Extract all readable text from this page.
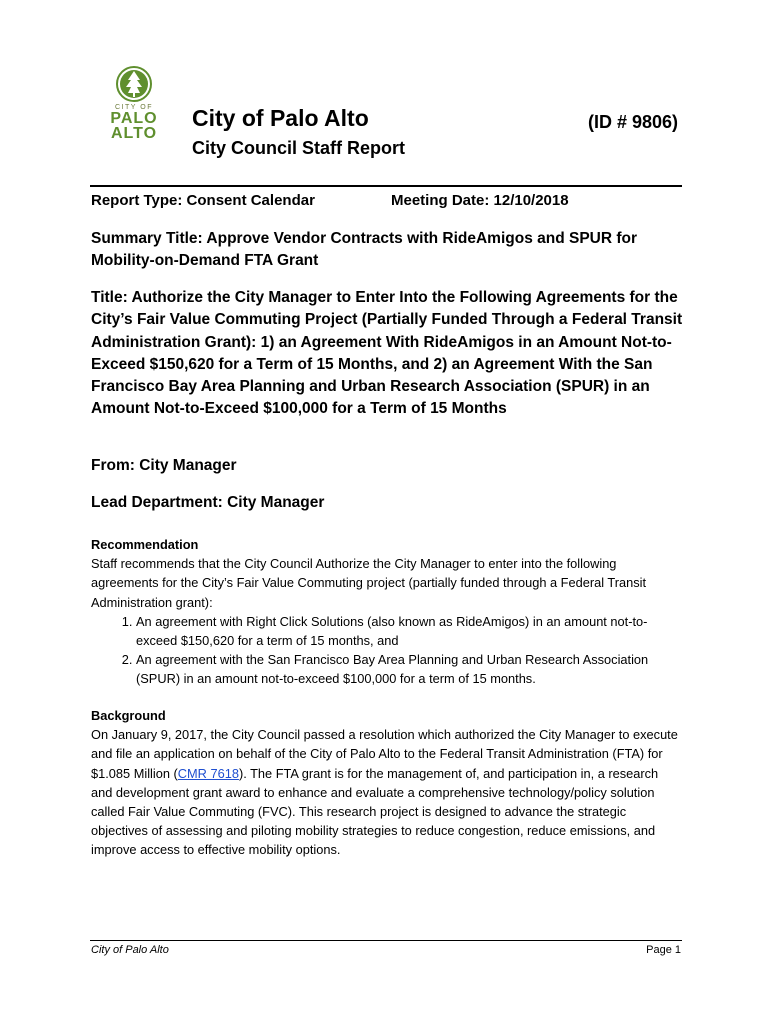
CITY OF
PALO
ALTO
City of Palo Alto	(ID # 9806)
City Council Staff Report
Report Type: Consent Calendar	Meeting Date: 12/10/2018
Summary Title: Approve Vendor Contracts with RideAmigos and SPUR for Mobility-on-Demand FTA Grant
Title: Authorize the City Manager to Enter Into the Following Agreements for the City’s Fair Value Commuting Project (Partially Funded Through a Federal Transit Administration Grant): 1) an Agreement With RideAmigos in an Amount Not-to-Exceed $150,620 for a Term of 15 Months, and 2) an Agreement With the San Francisco Bay Area Planning and Urban Research Association (SPUR) in an Amount Not-to-Exceed $100,000 for a Term of 15 Months
From: City Manager
Lead Department: City Manager
Recommendation
Staff recommends that the City Council Authorize the City Manager to enter into the following agreements for the City’s Fair Value Commuting project (partially funded through a Federal Transit Administration grant):
1. An agreement with Right Click Solutions (also known as RideAmigos) in an amount not-to-exceed $150,620 for a term of 15 months, and
2. An agreement with the San Francisco Bay Area Planning and Urban Research Association (SPUR) in an amount not-to-exceed $100,000 for a term of 15 months.
Background
On January 9, 2017, the City Council passed a resolution which authorized the City Manager to execute and file an application on behalf of the City of Palo Alto to the Federal Transit Administration (FTA) for $1.085 Million (CMR 7618). The FTA grant is for the management of, and participation in, a research and development grant award to enhance and evaluate a comprehensive technology/policy solution called Fair Value Commuting (FVC). This research project is designed to advance the strategic objectives of assessing and piloting mobility strategies to reduce congestion, reduce emissions, and improve access to effective mobility options.
City of Palo Alto	Page 1
